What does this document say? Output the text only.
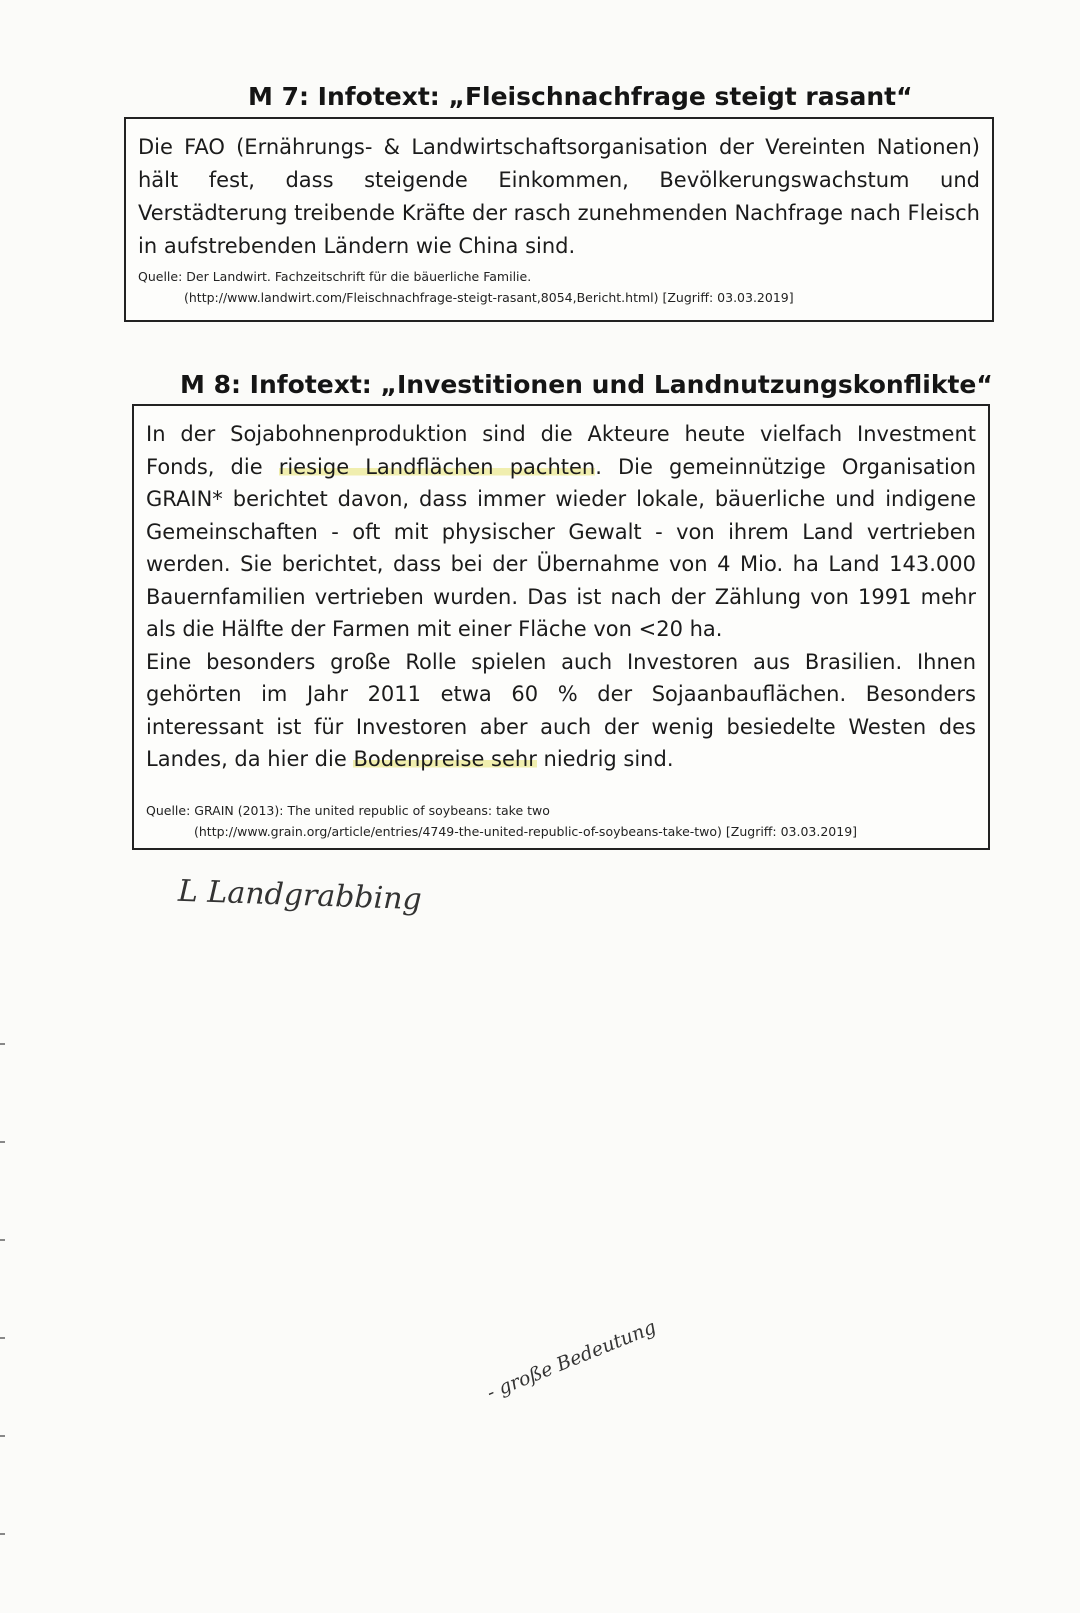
M 7: Infotext: „Fleischnachfrage steigt rasant“

Die FAO (Ernährungs- & Landwirtschaftsorganisation der Vereinten Nationen) hält fest, dass steigende Einkommen, Bevölkerungswachstum und Verstädterung treibende Kräfte der rasch zunehmenden Nachfrage nach Fleisch in aufstrebenden Ländern wie China sind.

Quelle: Der Landwirt. Fachzeitschrift für die bäuerliche Familie.
(http://www.landwirt.com/Fleischnachfrage-steigt-rasant,8054,Bericht.html) [Zugriff: 03.03.2019]

M 8: Infotext: „Investitionen und Landnutzungskonflikte“

In der Sojabohnenproduktion sind die Akteure heute vielfach Investment Fonds, die riesige Landflächen pachten. Die gemeinnützige Organisation GRAIN* berichtet davon, dass immer wieder lokale, bäuerliche und indigene Gemeinschaften - oft mit physischer Gewalt - von ihrem Land vertrieben werden. Sie berichtet, dass bei der Übernahme von 4 Mio. ha Land 143.000 Bauernfamilien vertrieben wurden. Das ist nach der Zählung von 1991 mehr als die Hälfte der Farmen mit einer Fläche von <20 ha.

Eine besonders große Rolle spielen auch Investoren aus Brasilien. Ihnen gehörten im Jahr 2011 etwa 60 % der Sojaanbauflächen. Besonders interessant ist für Investoren aber auch der wenig besiedelte Westen des Landes, da hier die Bodenpreise sehr niedrig sind.

Quelle: GRAIN (2013): The united republic of soybeans: take two
(http://www.grain.org/article/entries/4749-the-united-republic-of-soybeans-take-two) [Zugriff: 03.03.2019]

L Landgrabbing
- große Bedeutung
